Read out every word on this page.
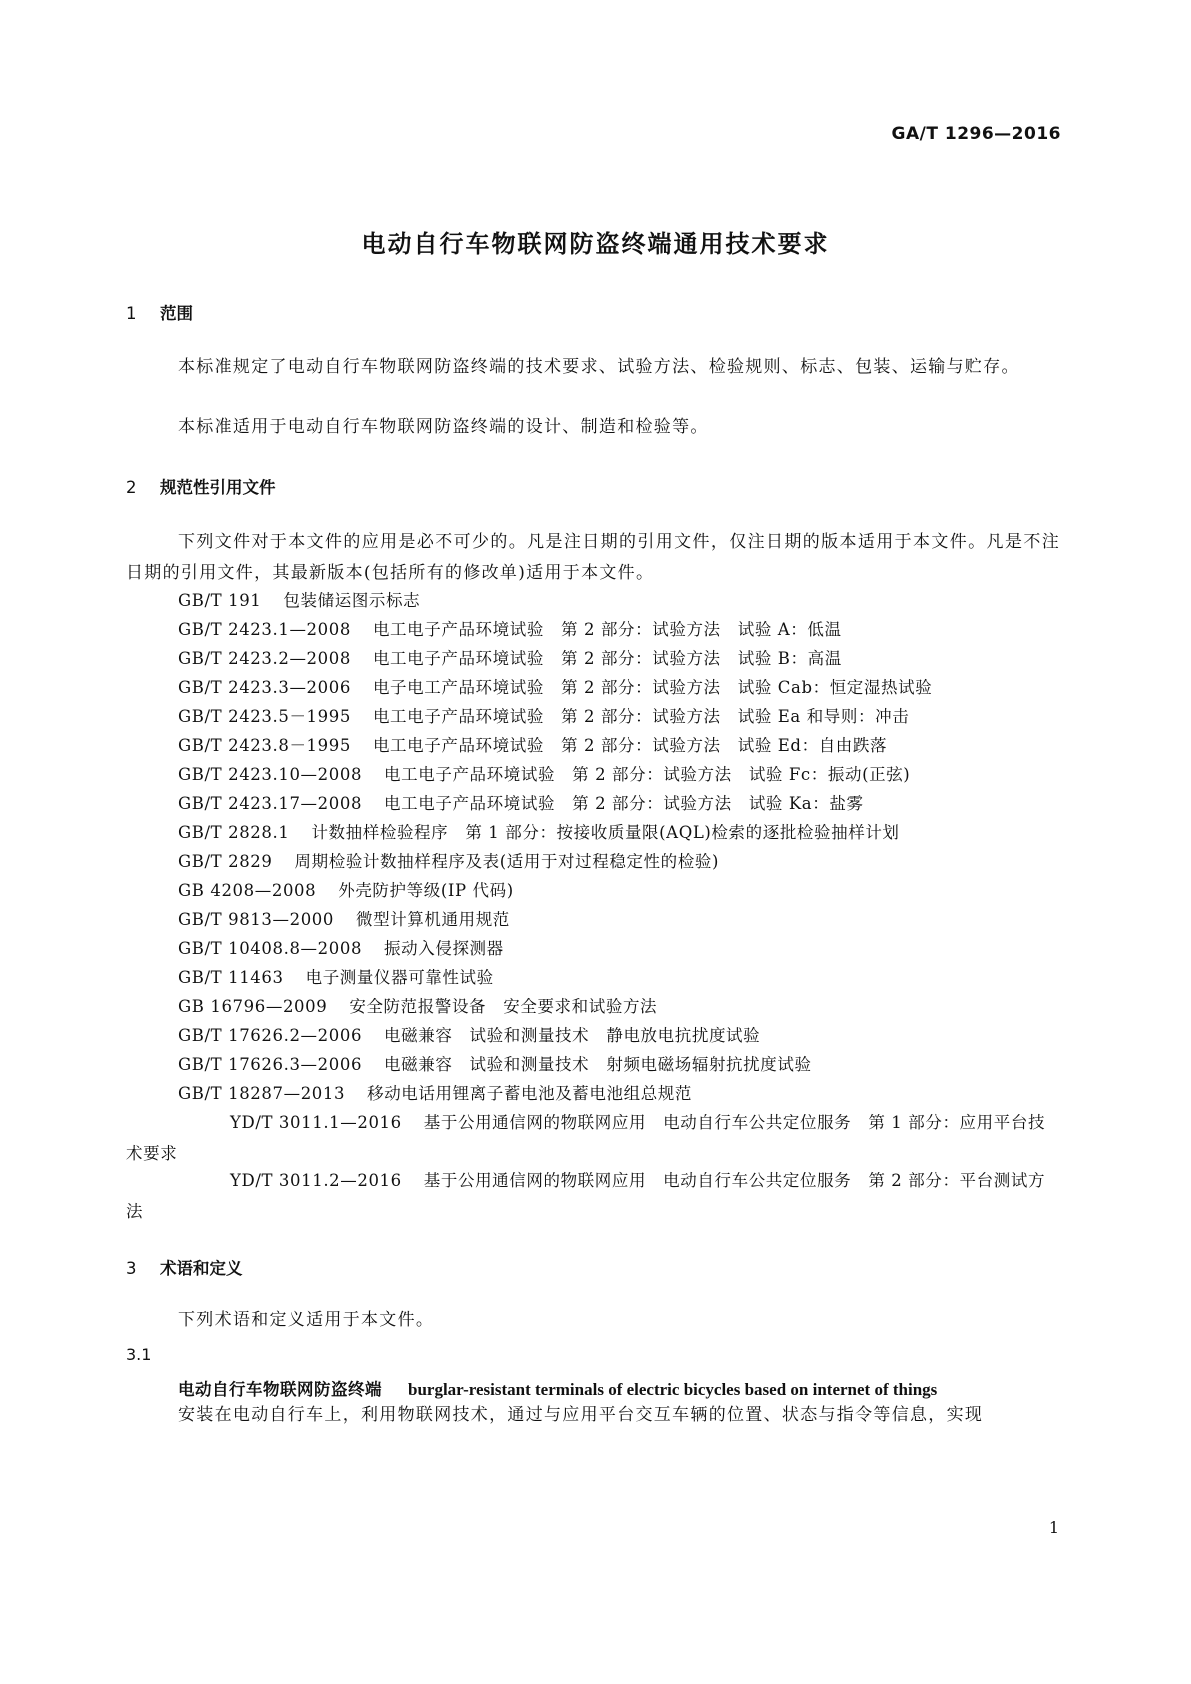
GA/T 1296—2016
电动自行车物联网防盗终端通用技术要求
1 范围
本标准规定了电动自行车物联网防盗终端的技术要求、试验方法、检验规则、标志、包装、运输与贮存。
本标准适用于电动自行车物联网防盗终端的设计、制造和检验等。
2 规范性引用文件
下列文件对于本文件的应用是必不可少的。凡是注日期的引用文件，仅注日期的版本适用于本文件。凡是不注日期的引用文件，其最新版本(包括所有的修改单)适用于本文件。
GB/T 191 包装储运图示标志
GB/T 2423.1—2008 电工电子产品环境试验　第 2 部分：试验方法　试验 A：低温
GB/T 2423.2—2008 电工电子产品环境试验　第 2 部分：试验方法　试验 B：高温
GB/T 2423.3—2006 电子电工产品环境试验　第 2 部分：试验方法　试验 Cab：恒定湿热试验
GB/T 2423.5－1995 电工电子产品环境试验　第 2 部分：试验方法　试验 Ea 和导则：冲击
GB/T 2423.8－1995 电工电子产品环境试验　第 2 部分：试验方法　试验 Ed：自由跌落
GB/T 2423.10—2008 电工电子产品环境试验　第 2 部分：试验方法　试验 Fc：振动(正弦)
GB/T 2423.17—2008 电工电子产品环境试验　第 2 部分：试验方法　试验 Ka：盐雾
GB/T 2828.1 计数抽样检验程序　第 1 部分：按接收质量限(AQL)检索的逐批检验抽样计划
GB/T 2829 周期检验计数抽样程序及表(适用于对过程稳定性的检验)
GB 4208—2008 外壳防护等级(IP 代码)
GB/T 9813—2000 微型计算机通用规范
GB/T 10408.8—2008 振动入侵探测器
GB/T 11463 电子测量仪器可靠性试验
GB 16796—2009 安全防范报警设备　安全要求和试验方法
GB/T 17626.2—2006 电磁兼容　试验和测量技术　静电放电抗扰度试验
GB/T 17626.3—2006 电磁兼容　试验和测量技术　射频电磁场辐射抗扰度试验
GB/T 18287—2013 移动电话用锂离子蓄电池及蓄电池组总规范
YD/T 3011.1—2016 基于公用通信网的物联网应用　电动自行车公共定位服务　第 1 部分：应用平台技术要求
YD/T 3011.2—2016 基于公用通信网的物联网应用　电动自行车公共定位服务　第 2 部分：平台测试方法
3 术语和定义
下列术语和定义适用于本文件。
3.1
电动自行车物联网防盗终端 burglar-resistant terminals of electric bicycles based on internet of things
安装在电动自行车上，利用物联网技术，通过与应用平台交互车辆的位置、状态与指令等信息，实现
1
